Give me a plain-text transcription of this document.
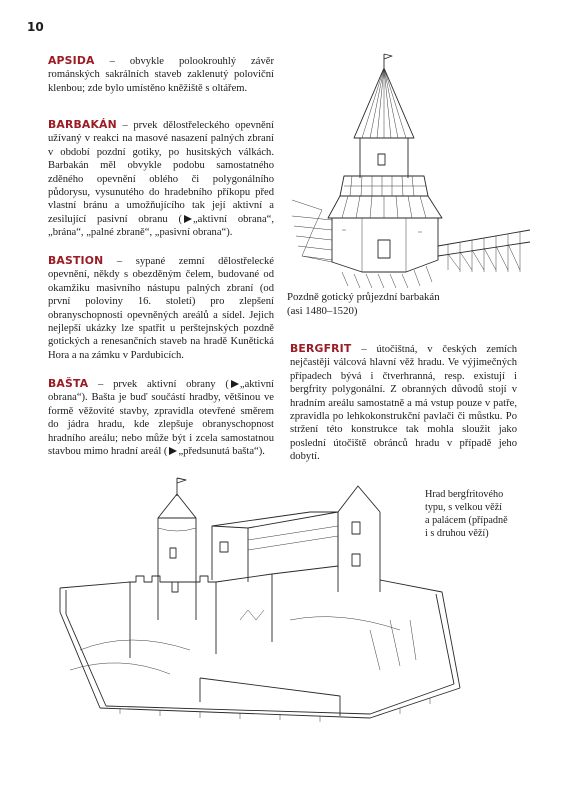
10

APSIDA – obvykle polookrouhlý závěr románských sakrálních staveb zaklenutý poloviční klenbou; zde bylo umístěno kněžiště s oltářem.

BARBAKÁN – prvek dělostřeleckého opevnění užívaný v reakci na masové nasazení palných zbraní v období pozdní gotiky, po husitských válkách. Barbakán měl obvykle podobu samostatného zděného opevnění oblého či polygonálního půdorysu, vysunutého do hradebního příkopu před vlastní bránu a umožňujícího tak její aktivní a zesilující pasivní obranu ( „aktivní obrana“, „brána“, „palné zbraně“, „pasivní obrana“).

BASTION – sypané zemní dělostřelecké opevnění, někdy s obezděným čelem, budované od okamžiku masivního nástupu palných zbraní (od první poloviny 16. století) pro zlepšení obranyschopnosti opevněných areálů a sídel. Jejich nejlepší ukázky lze spatřit u perštejnských pozdně gotických a renesančních staveb na hradě Kunětická Hora a na zámku v Pardubicích.

BAŠTA – prvek aktivní obrany ( „aktivní obrana“). Bašta je buď součástí hradby, většinou ve formě věžovité stavby, zpravidla otevřené směrem do jádra hradu, kde zlepšuje obranyschopnost hradního areálu; nebo může být i zcela samostatnou stavbou mimo hradní areál ( „předsunutá bašta“).

BERGFRIT – útočištná, v českých zemích nejčastěji válcová hlavní věž hradu. Ve výjimečných případech bývá i čtverhranná, resp. existují i bergfrity polygonální. Z obranných důvodů stojí v hradním areálu samostatně a má vstup pouze v patře, zpravidla po lehkokonstrukční pavlači či můstku. Po stržení této konstrukce tak mohla sloužit jako poslední útočiště obránců hradu v případě jeho dobytí.

Pozdně gotický průjezdní barbakán
(asi 1480–1520)
Hrad bergfritového
typu, s velkou věží
a palácem (případně
i s druhou věží)
